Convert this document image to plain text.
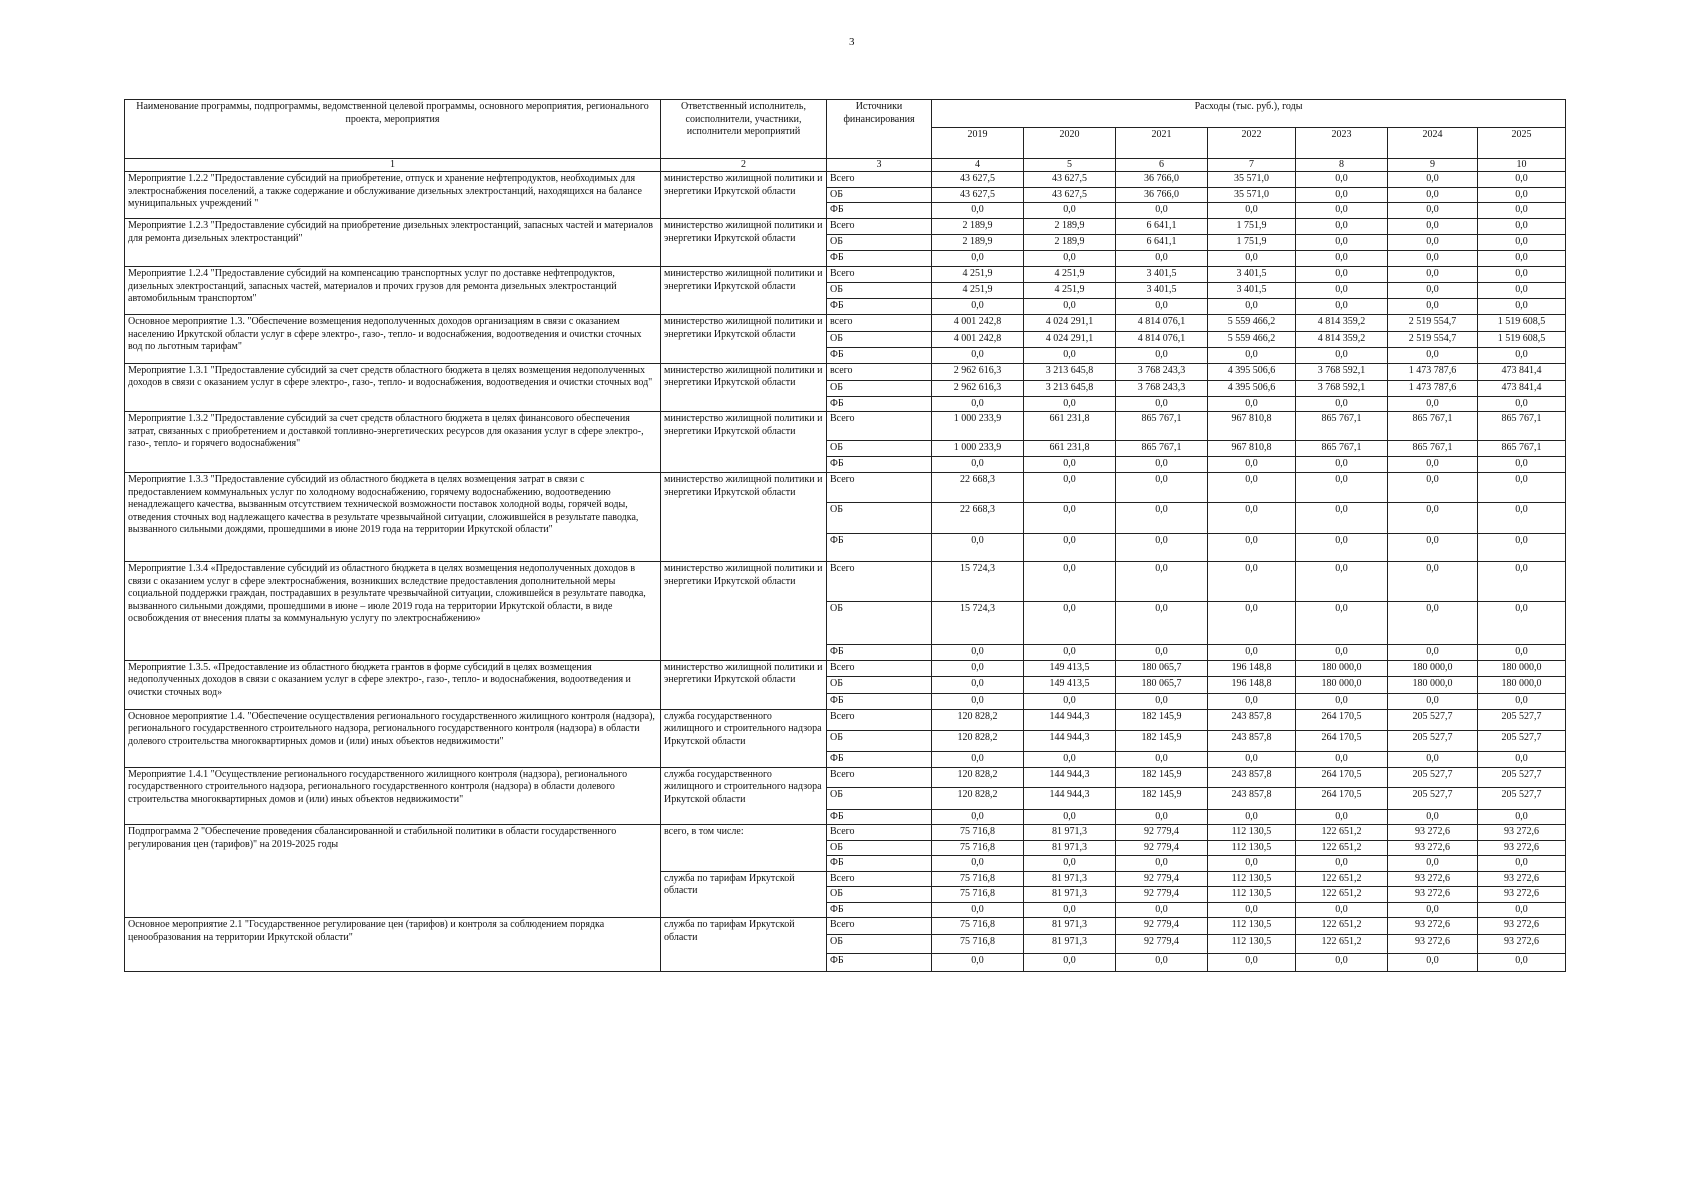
3
Наименование программы, подпрограммы, ведомственной целевой программы, основного мероприятия, регионального проекта, мероприятия	Ответственный исполнитель, соисполнители, участники, исполнители мероприятий	Источники финансирования	Расходы (тыс. руб.), годы						
			2019	2020	2021	2022	2023	2024	2025
1	2	3	4	5	6	7	8	9	10
Мероприятие 1.2.2 "Предоставление субсидий на приобретение, отпуск и хранение нефтепродуктов, необходимых для электроснабжения поселений, а также содержание и обслуживание дизельных электростанций, находящихся на балансе муниципальных учреждений "	министерство жилищной политики и энергетики Иркутской области	Всего	43 627,5	43 627,5	36 766,0	35 571,0	0,0	0,0	0,0
		ОБ	43 627,5	43 627,5	36 766,0	35 571,0	0,0	0,0	0,0
		ФБ	0,0	0,0	0,0	0,0	0,0	0,0	0,0
Мероприятие 1.2.3 "Предоставление субсидий на приобретение дизельных электростанций, запасных частей и материалов для ремонта дизельных электростанций"	министерство жилищной политики и энергетики Иркутской области	Всего	2 189,9	2 189,9	6 641,1	1 751,9	0,0	0,0	0,0
		ОБ	2 189,9	2 189,9	6 641,1	1 751,9	0,0	0,0	0,0
		ФБ	0,0	0,0	0,0	0,0	0,0	0,0	0,0
Мероприятие 1.2.4 "Предоставление субсидий на компенсацию транспортных услуг по доставке нефтепродуктов, дизельных электростанций, запасных частей, материалов и прочих грузов для ремонта дизельных электростанций автомобильным транспортом"	министерство жилищной политики и энергетики Иркутской области	Всего	4 251,9	4 251,9	3 401,5	3 401,5	0,0	0,0	0,0
		ОБ	4 251,9	4 251,9	3 401,5	3 401,5	0,0	0,0	0,0
		ФБ	0,0	0,0	0,0	0,0	0,0	0,0	0,0
Основное мероприятие 1.3. "Обеспечение возмещения недополученных доходов организациям в связи с оказанием населению Иркутской области услуг в сфере электро-, газо-, тепло- и водоснабжения, водоотведения и очистки сточных вод по льготным тарифам"	министерство жилищной политики и энергетики Иркутской области	всего	4 001 242,8	4 024 291,1	4 814 076,1	5 559 466,2	4 814 359,2	2 519 554,7	1 519 608,5
		ОБ	4 001 242,8	4 024 291,1	4 814 076,1	5 559 466,2	4 814 359,2	2 519 554,7	1 519 608,5
		ФБ	0,0	0,0	0,0	0,0	0,0	0,0	0,0
Мероприятие 1.3.1 "Предоставление субсидий за счет средств областного бюджета в целях возмещения недополученных доходов в связи с оказанием услуг в сфере электро-, газо-, тепло- и водоснабжения, водоотведения и очистки сточных вод"	министерство жилищной политики и энергетики Иркутской области	всего	2 962 616,3	3 213 645,8	3 768 243,3	4 395 506,6	3 768 592,1	1 473 787,6	473 841,4
		ОБ	2 962 616,3	3 213 645,8	3 768 243,3	4 395 506,6	3 768 592,1	1 473 787,6	473 841,4
		ФБ	0,0	0,0	0,0	0,0	0,0	0,0	0,0
Мероприятие 1.3.2 "Предоставление субсидий за счет средств областного бюджета в целях финансового обеспечения затрат, связанных с приобретением и доставкой топливно-энергетических ресурсов для оказания услуг в сфере электро-, газо-, тепло- и горячего водоснабжения"	министерство жилищной политики и энергетики Иркутской области	Всего	1 000 233,9	661 231,8	865 767,1	967 810,8	865 767,1	865 767,1	865 767,1
		ОБ	1 000 233,9	661 231,8	865 767,1	967 810,8	865 767,1	865 767,1	865 767,1
		ФБ	0,0	0,0	0,0	0,0	0,0	0,0	0,0
Мероприятие 1.3.3 "Предоставление субсидий из областного бюджета в целях возмещения затрат в связи с предоставлением коммунальных услуг по холодному водоснабжению, горячему водоснабжению, водоотведению ненадлежащего качества, вызванным отсутствием технической возможности поставок холодной воды, горячей воды, отведения сточных вод надлежащего качества в результате чрезвычайной ситуации, сложившейся в результате паводка, вызванного сильными дождями, прошедшими в июне 2019 года на территории Иркутской области"	министерство жилищной политики и энергетики Иркутской области	Всего	22 668,3	0,0	0,0	0,0	0,0	0,0	0,0
		ОБ	22 668,3	0,0	0,0	0,0	0,0	0,0	0,0
		ФБ	0,0	0,0	0,0	0,0	0,0	0,0	0,0
Мероприятие 1.3.4 «Предоставление субсидий из областного бюджета в целях возмещения недополученных доходов в связи с оказанием услуг в сфере электроснабжения, возникших вследствие предоставления дополнительной меры социальной поддержки граждан, пострадавших в результате чрезвычайной ситуации, сложившейся в результате паводка, вызванного сильными дождями, прошедшими в июне – июле 2019 года на территории Иркутской области, в виде освобождения от внесения платы за коммунальную услугу по электроснабжению»	министерство жилищной политики и энергетики Иркутской области	Всего	15 724,3	0,0	0,0	0,0	0,0	0,0	0,0
		ОБ	15 724,3	0,0	0,0	0,0	0,0	0,0	0,0
		ФБ	0,0	0,0	0,0	0,0	0,0	0,0	0,0
Мероприятие 1.3.5. «Предоставление из областного бюджета грантов в форме субсидий в целях возмещения недополученных доходов в связи с оказанием услуг в сфере электро-, газо-, тепло- и водоснабжения, водоотведения и очистки сточных вод»	министерство жилищной политики и энергетики Иркутской области	Всего	0,0	149 413,5	180 065,7	196 148,8	180 000,0	180 000,0	180 000,0
		ОБ	0,0	149 413,5	180 065,7	196 148,8	180 000,0	180 000,0	180 000,0
		ФБ	0,0	0,0	0,0	0,0	0,0	0,0	0,0
Основное мероприятие 1.4. "Обеспечение осуществления регионального государственного жилищного контроля (надзора), регионального государственного строительного надзора, регионального государственного контроля (надзора) в области долевого строительства многоквартирных домов и (или) иных объектов недвижимости"	служба государственного жилищного и строительного надзора Иркутской области	Всего	120 828,2	144 944,3	182 145,9	243 857,8	264 170,5	205 527,7	205 527,7
		ОБ	120 828,2	144 944,3	182 145,9	243 857,8	264 170,5	205 527,7	205 527,7
		ФБ	0,0	0,0	0,0	0,0	0,0	0,0	0,0
Мероприятие 1.4.1 "Осуществление регионального государственного жилищного контроля (надзора), регионального государственного строительного надзора, регионального государственного контроля (надзора) в области долевого строительства многоквартирных домов и (или) иных объектов недвижимости"	служба государственного жилищного и строительного надзора Иркутской области	Всего	120 828,2	144 944,3	182 145,9	243 857,8	264 170,5	205 527,7	205 527,7
		ОБ	120 828,2	144 944,3	182 145,9	243 857,8	264 170,5	205 527,7	205 527,7
		ФБ	0,0	0,0	0,0	0,0	0,0	0,0	0,0
Подпрограмма 2 "Обеспечение проведения сбалансированной и стабильной политики в области государственного регулирования цен (тарифов)" на 2019-2025 годы	всего, в том числе:	Всего	75 716,8	81 971,3	92 779,4	112 130,5	122 651,2	93 272,6	93 272,6
		ОБ	75 716,8	81 971,3	92 779,4	112 130,5	122 651,2	93 272,6	93 272,6
		ФБ	0,0	0,0	0,0	0,0	0,0	0,0	0,0
	служба по тарифам Иркутской области	Всего	75 716,8	81 971,3	92 779,4	112 130,5	122 651,2	93 272,6	93 272,6
		ОБ	75 716,8	81 971,3	92 779,4	112 130,5	122 651,2	93 272,6	93 272,6
		ФБ	0,0	0,0	0,0	0,0	0,0	0,0	0,0
Основное мероприятие 2.1 "Государственное регулирование цен (тарифов) и контроля за соблюдением порядка ценообразования на территории Иркутской области"	служба по тарифам Иркутской области	Всего	75 716,8	81 971,3	92 779,4	112 130,5	122 651,2	93 272,6	93 272,6
		ОБ	75 716,8	81 971,3	92 779,4	112 130,5	122 651,2	93 272,6	93 272,6
		ФБ	0,0	0,0	0,0	0,0	0,0	0,0	0,0
